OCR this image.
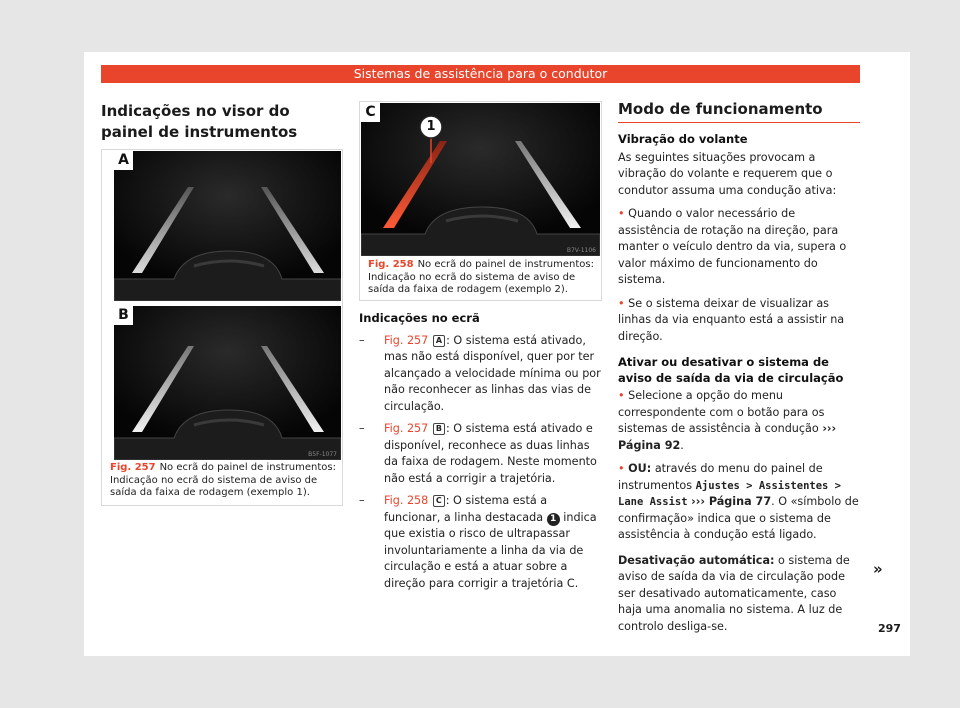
Sistemas de assistência para o condutor
Indicações no visor do painel de instrumentos
A
B
B5F-1077
Fig. 257 No ecrã do painel de instrumentos: Indicação no ecrã do sistema de aviso de saída da faixa de rodagem (exemplo 1).
C
1
B7V-1106
Fig. 258 No ecrã do painel de instrumentos: Indicação no ecrã do sistema de aviso de saída da faixa de rodagem (exemplo 2).
Indicações no ecrã
– Fig. 257 A : O sistema está ativado, mas não está disponível, quer por ter alcançado a velocidade mínima ou por não reconhecer as linhas das vias de circulação.
– Fig. 257 B : O sistema está ativado e disponível, reconhece as duas linhas da faixa de rodagem. Neste momento não está a corrigir a trajetória.
– Fig. 258 C : O sistema está a funcionar, a linha destacada 1 indica que existia o risco de ultrapassar involuntariamente a linha da via de circulação e está a atuar sobre a direção para corrigir a trajetória C.
Modo de funcionamento
Vibração do volante

As seguintes situações provocam a vibração do volante e requerem que o condutor assuma uma condução ativa:

• Quando o valor necessário de assistência de rotação na direção, para manter o veículo dentro da via, supera o valor máximo de funcionamento do sistema.

• Se o sistema deixar de visualizar as linhas da via enquanto está a assistir na direção.

Ativar ou desativar o sistema de aviso de saída da via de circulação

• Selecione a opção do menu correspondente com o botão para os sistemas de assistência à condução ››› Página 92.

• OU: através do menu do painel de instrumentos Ajustes > Assistentes > Lane Assist ››› Página 77. O «símbolo de confirmação» indica que o sistema de assistência à condução está ligado.

Desativação automática: o sistema de aviso de saída da via de circulação pode ser desativado automaticamente, caso haja uma anomalia no sistema. A luz de controlo desliga-se.

»
297
